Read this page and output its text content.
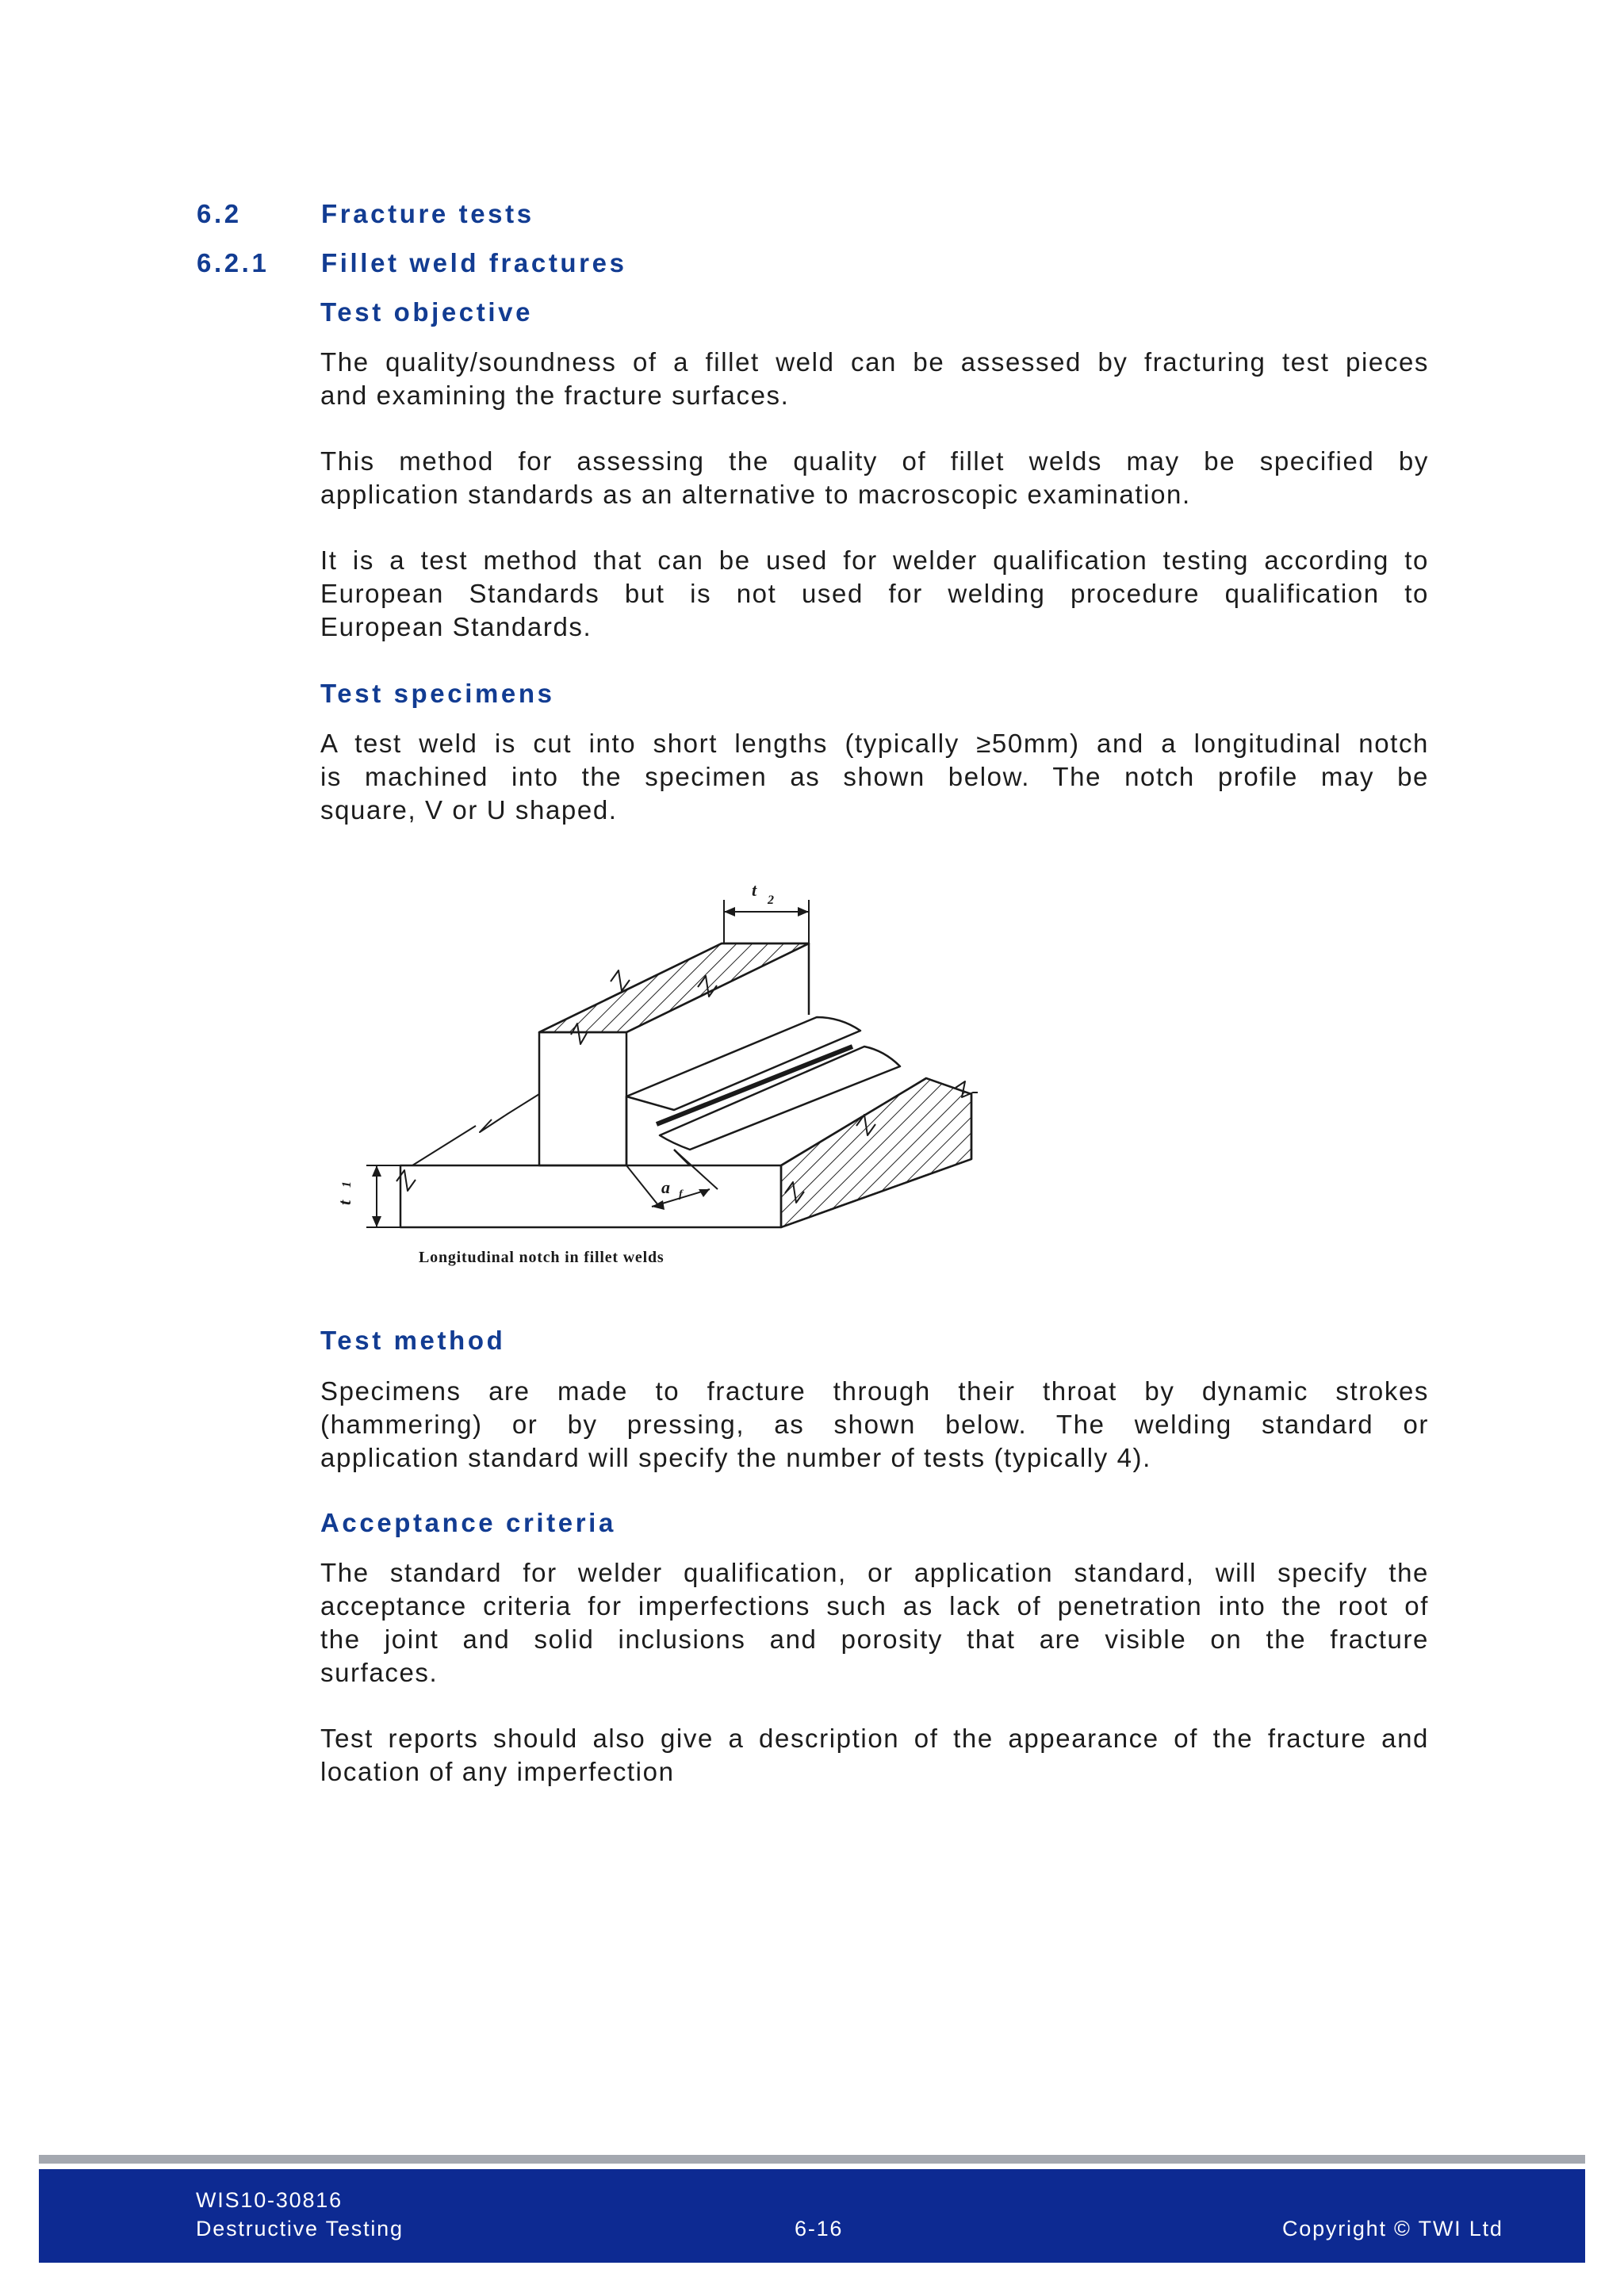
6.2	Fracture tests
6.2.1 Fillet weld fractures
Test objective

The quality/soundness of a fillet weld can be assessed by fracturing test pieces
and examining the fracture surfaces.

This method for assessing the quality of fillet welds may be specified by
application standards as an alternative to macroscopic examination.

It is a test method that can be used for welder qualification testing according to
European Standards but is not used for welding procedure qualification to
European Standards.

Test specimens

A test weld is cut into short lengths (typically ≥50mm) and a longitudinal notch
is machined into the specimen as shown below. The notch profile may be
square, V or U shaped.

t
2
t
1	a f
Longitudinal notch in fillet welds
Test method

Specimens are made to fracture through their throat by dynamic strokes
(hammering) or by pressing, as shown below. The welding standard or
application standard will specify the number of tests (typically 4).

Acceptance criteria

The standard for welder qualification, or application standard, will specify the
acceptance criteria for imperfections such as lack of penetration into the root of
the joint and solid inclusions and porosity that are visible on the fracture
surfaces.

Test reports should also give a description of the appearance of the fracture and
location of any imperfection

WIS10-30816
Destructive Testing	6-16	Copyright © TWI Ltd
